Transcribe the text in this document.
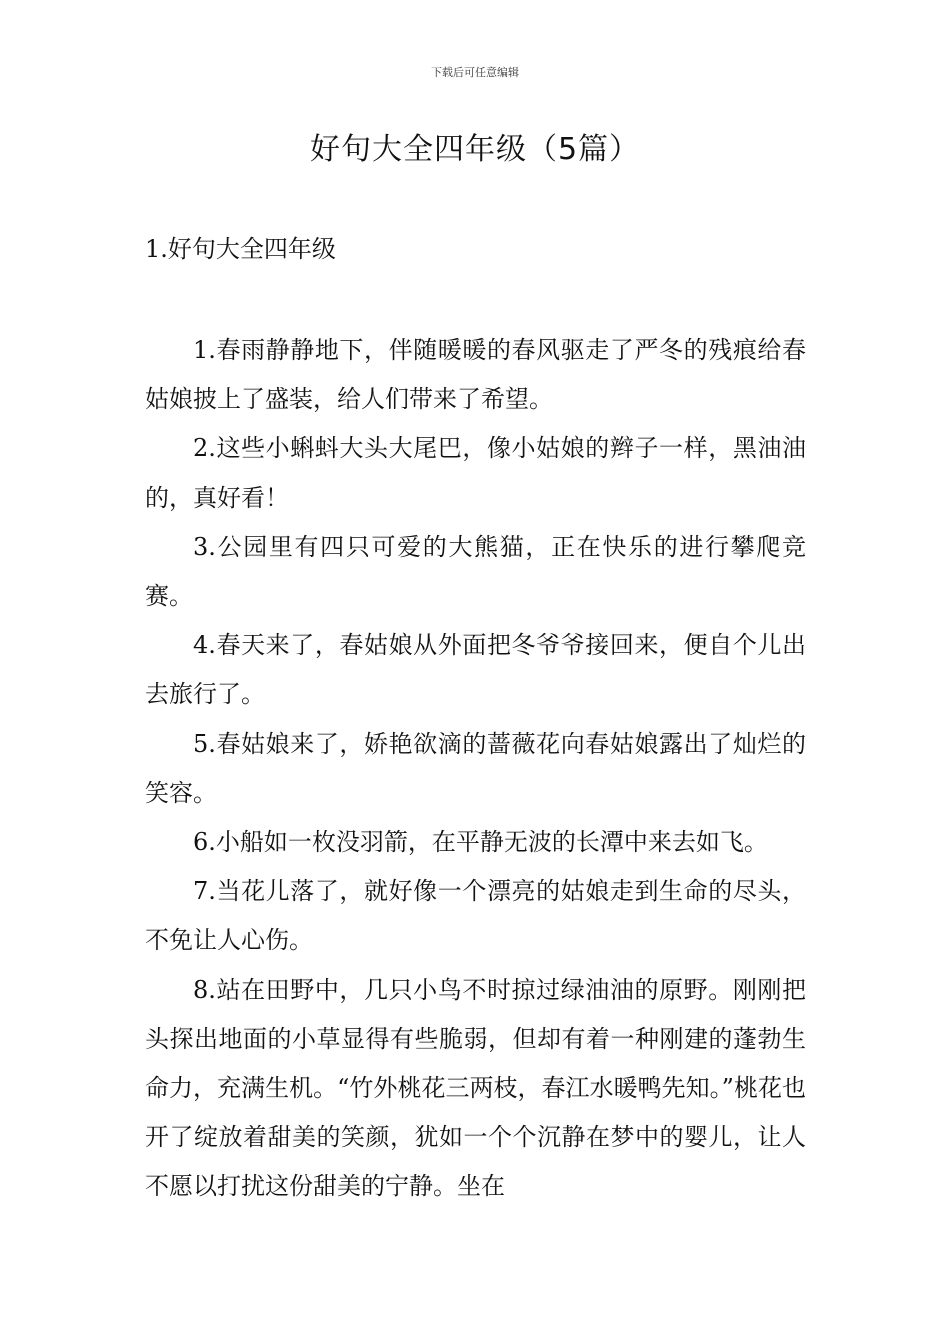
下载后可任意编辑
好句大全四年级（5篇）
1.好句大全四年级

1.春雨静静地下，伴随暖暖的春风驱走了严冬的残痕给春姑娘披上了盛装，给人们带来了希望。

2.这些小蝌蚪大头大尾巴，像小姑娘的辫子一样，黑油油的，真好看！

3.公园里有四只可爱的大熊猫，正在快乐的进行攀爬竞赛。

4.春天来了，春姑娘从外面把冬爷爷接回来，便自个儿出去旅行了。

5.春姑娘来了，娇艳欲滴的蔷薇花向春姑娘露出了灿烂的笑容。

6.小船如一枚没羽箭，在平静无波的长潭中来去如飞。

7.当花儿落了，就好像一个漂亮的姑娘走到生命的尽头，不免让人心伤。

8.站在田野中，几只小鸟不时掠过绿油油的原野。刚刚把头探出地面的小草显得有些脆弱，但却有着一种刚建的蓬勃生命力，充满生机。“竹外桃花三两枝，春江水暖鸭先知。”桃花也开了绽放着甜美的笑颜，犹如一个个沉静在梦中的婴儿，让人不愿以打扰这份甜美的宁静。坐在
